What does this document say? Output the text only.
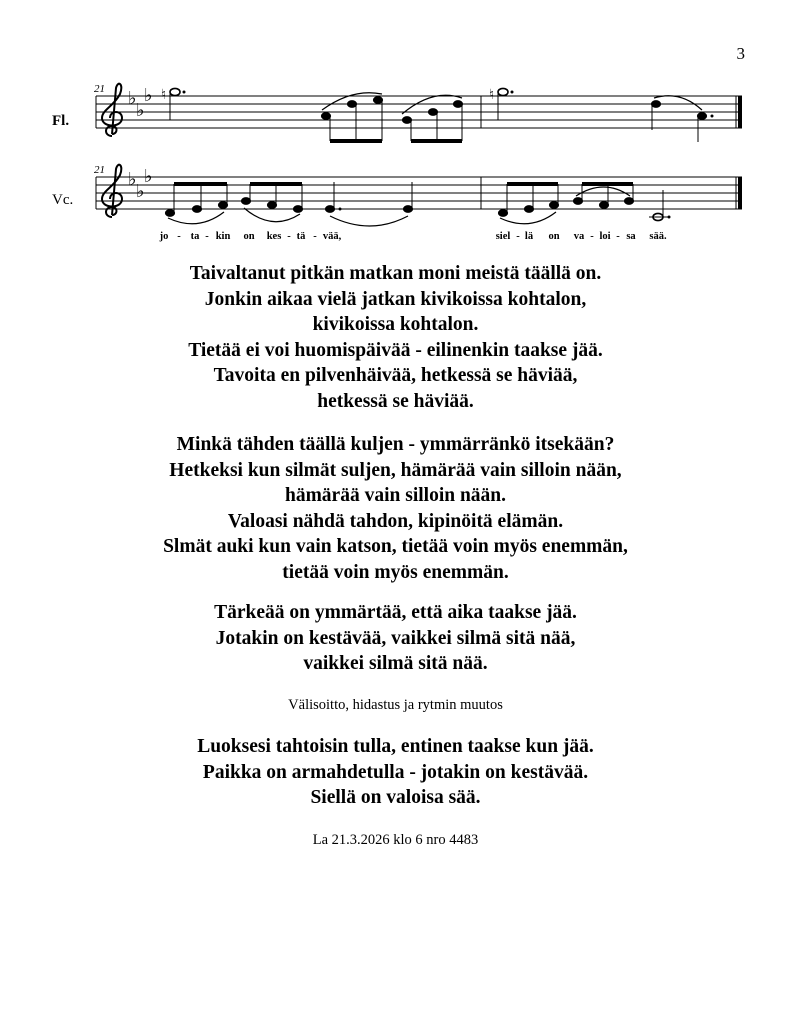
3
Fl.
Vc.
21
21
♭
♭
♭
♭
♭
♭
♮	♮
jo - ta - kin on kes - tä - vää,	siel - lä on va - loi - sa sää.
Taivaltanut pitkän matkan moni meistä täällä on.
Jonkin aikaa vielä jatkan kivikoissa kohtalon,
kivikoissa kohtalon.
Tietää ei voi huomispäivää - eilinenkin taakse jää.
Tavoita en pilvenhäivää, hetkessä se häviää,
hetkessä se häviää.
Minkä tähden täällä kuljen - ymmärränkö itsekään?
Hetkeksi kun silmät suljen, hämärää vain silloin nään,
hämärää vain silloin nään.
Valoasi nähdä tahdon, kipinöitä elämän.
Slmät auki kun vain katson, tietää voin myös enemmän,
tietää voin myös enemmän.
Tärkeää on ymmärtää, että aika taakse jää.
Jotakin on kestävää, vaikkei silmä sitä nää,
vaikkei silmä sitä nää.
Välisoitto, hidastus ja rytmin muutos
Luoksesi tahtoisin tulla, entinen taakse kun jää.
Paikka on armahdetulla - jotakin on kestävää.
Siellä on valoisa sää.
La 21.3.2026 klo 6 nro 4483
